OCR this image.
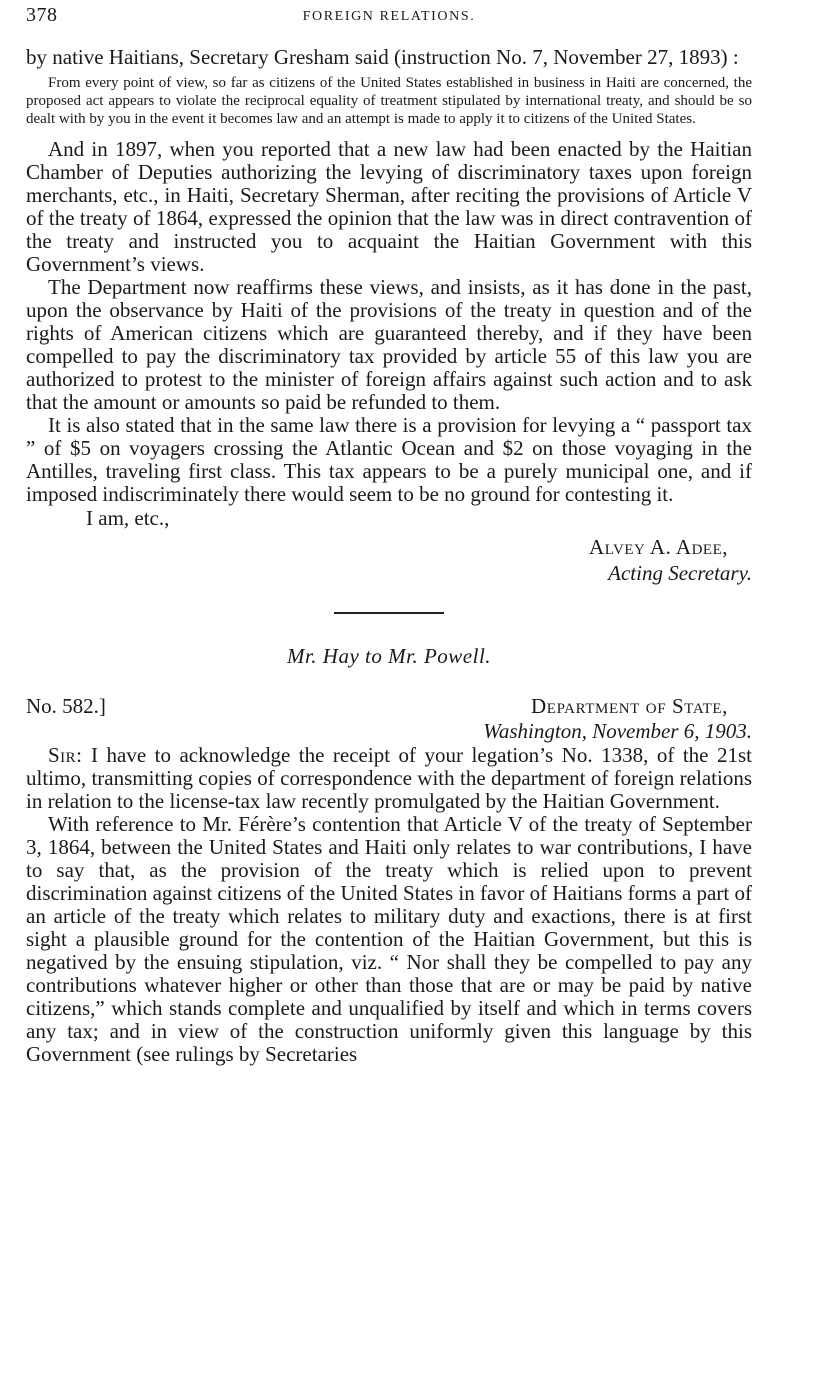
378	FOREIGN RELATIONS.

by native Haitians, Secretary Gresham said (instruction No. 7, November 27, 1893) :

From every point of view, so far as citizens of the United States established in business in Haiti are concerned, the proposed act appears to violate the reciprocal equality of treatment stipulated by international treaty, and should be so dealt with by you in the event it becomes law and an attempt is made to apply it to citizens of the United States.

And in 1897, when you reported that a new law had been enacted by the Haitian Chamber of Deputies authorizing the levying of discriminatory taxes upon foreign merchants, etc., in Haiti, Secretary Sherman, after reciting the provisions of Article V of the treaty of 1864, expressed the opinion that the law was in direct contravention of the treaty and instructed you to acquaint the Haitian Government with this Government’s views.

The Department now reaffirms these views, and insists, as it has done in the past, upon the observance by Haiti of the provisions of the treaty in question and of the rights of American citizens which are guaranteed thereby, and if they have been compelled to pay the discriminatory tax provided by article 55 of this law you are authorized to protest to the minister of foreign affairs against such action and to ask that the amount or amounts so paid be refunded to them.

It is also stated that in the same law there is a provision for levying a “ passport tax ” of $5 on voyagers crossing the Atlantic Ocean and $2 on those voyaging in the Antilles, traveling first class. This tax appears to be a purely municipal one, and if imposed indiscriminately there would seem to be no ground for contesting it.

I am, etc.,
Alvey A. Adee,
Acting Secretary.
Mr. Hay to Mr. Powell.
No. 582.]	Department of State,
Washington, November 6, 1903.

Sir: I have to acknowledge the receipt of your legation’s No. 1338, of the 21st ultimo, transmitting copies of correspondence with the department of foreign relations in relation to the license-tax law recently promulgated by the Haitian Government.

With reference to Mr. Férère’s contention that Article V of the treaty of September 3, 1864, between the United States and Haiti only relates to war contributions, I have to say that, as the provision of the treaty which is relied upon to prevent discrimination against citizens of the United States in favor of Haitians forms a part of an article of the treaty which relates to military duty and exactions, there is at first sight a plausible ground for the contention of the Haitian Government, but this is negatived by the ensuing stipulation, viz. “ Nor shall they be compelled to pay any contributions whatever higher or other than those that are or may be paid by native citizens,” which stands complete and unqualified by itself and which in terms covers any tax; and in view of the construction uniformly given this language by this Government (see rulings by Secretaries
